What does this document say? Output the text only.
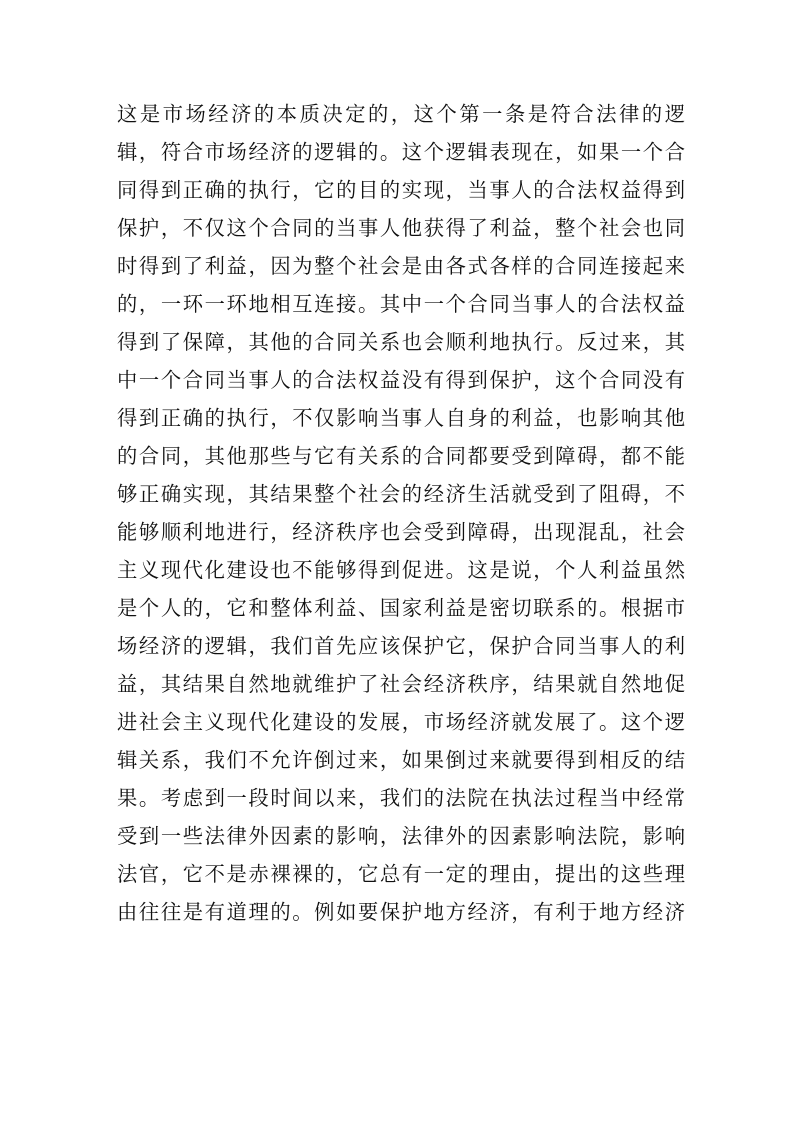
这是市场经济的本质决定的，这个第一条是符合法律的逻
辑，符合市场经济的逻辑的。这个逻辑表现在，如果一个合
同得到正确的执行，它的目的实现，当事人的合法权益得到
保护，不仅这个合同的当事人他获得了利益，整个社会也同
时得到了利益，因为整个社会是由各式各样的合同连接起来
的，一环一环地相互连接。其中一个合同当事人的合法权益
得到了保障，其他的合同关系也会顺利地执行。反过来，其
中一个合同当事人的合法权益没有得到保护，这个合同没有
得到正确的执行，不仅影响当事人自身的利益，也影响其他
的合同，其他那些与它有关系的合同都要受到障碍，都不能
够正确实现，其结果整个社会的经济生活就受到了阻碍，不
能够顺利地进行，经济秩序也会受到障碍，出现混乱，社会
主义现代化建设也不能够得到促进。这是说，个人利益虽然
是个人的，它和整体利益、国家利益是密切联系的。根据市
场经济的逻辑，我们首先应该保护它，保护合同当事人的利
益，其结果自然地就维护了社会经济秩序，结果就自然地促
进社会主义现代化建设的发展，市场经济就发展了。这个逻
辑关系，我们不允许倒过来，如果倒过来就要得到相反的结
果。考虑到一段时间以来，我们的法院在执法过程当中经常
受到一些法律外因素的影响，法律外的因素影响法院，影响
法官，它不是赤裸裸的，它总有一定的理由，提出的这些理
由往往是有道理的。例如要保护地方经济，有利于地方经济
